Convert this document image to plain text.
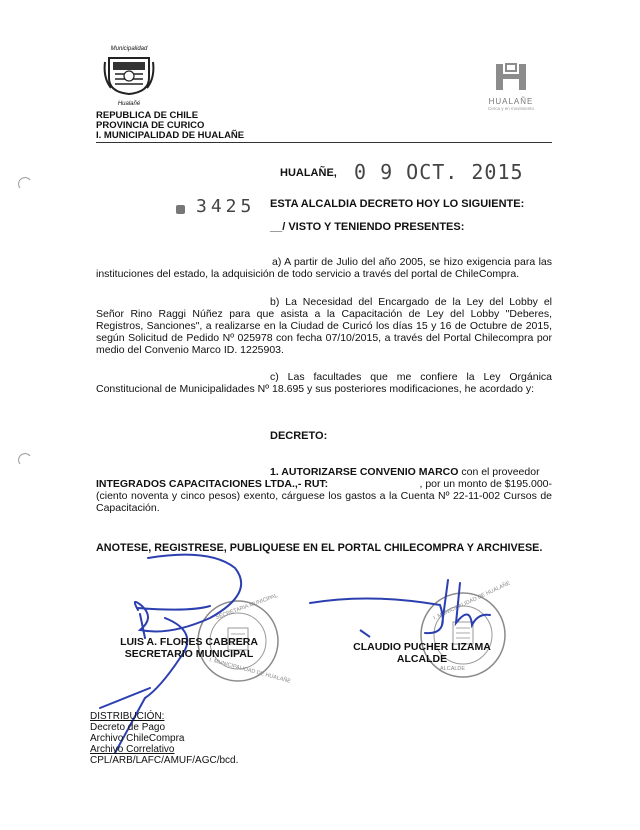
Municipalidad
Hualañé
REPUBLICA DE CHILE
PROVINCIA DE CURICO
I. MUNICIPALIDAD DE HUALAÑE
HUALAÑE
Cerca y en movimiento
HUALAÑE, 0 9 OCT. 2015
3425 ESTA ALCALDIA DECRETO HOY LO SIGUIENTE:
__/ VISTO Y TENIENDO PRESENTES:
a) A partir de Julio del año 2005, se hizo exigencia para las instituciones del estado, la adquisición de todo servicio a través del portal de ChileCompra.
b) La Necesidad del Encargado de la Ley del Lobby el Señor Rino Raggi Núñez para que asista a la Capacitación de Ley del Lobby "Deberes, Registros, Sanciones", a realizarse en la Ciudad de Curicó los días 15 y 16 de Octubre de 2015, según Solicitud de Pedido Nº 025978 con fecha 07/10/2015, a través del Portal Chilecompra por medio del Convenio Marco ID. 1225903.
c) Las facultades que me confiere la Ley Orgánica Constitucional de Municipalidades Nº 18.695 y sus posteriores modificaciones, he acordado y:
DECRETO:
1. AUTORIZARSE CONVENIO MARCO con el proveedor
INTEGRADOS CAPACITACIONES LTDA.,- RUT:	, por un monto de $195.000-
(ciento noventa y cinco pesos) exento, cárguese los gastos a la Cuenta Nº 22-11-002 Cursos de Capacitación.
ANOTESE, REGISTRESE, PUBLIQUESE EN EL PORTAL CHILECOMPRA Y ARCHIVESE.
SECRETARIA MUNICIPAL
I. MUNICIPALIDAD DE HUALAÑE
I. MUNICIPALIDAD DE HUALAÑE
ALCALDE
LUIS A. FLORES CABRERA
SECRETARIO MUNICIPAL
CLAUDIO PUCHER LIZAMA
ALCALDE
DISTRIBUCIÓN:
Decreto de Pago
Archivo ChileCompra
Archivo Correlativo
CPL/ARB/LAFC/AMUF/AGC/bcd.
